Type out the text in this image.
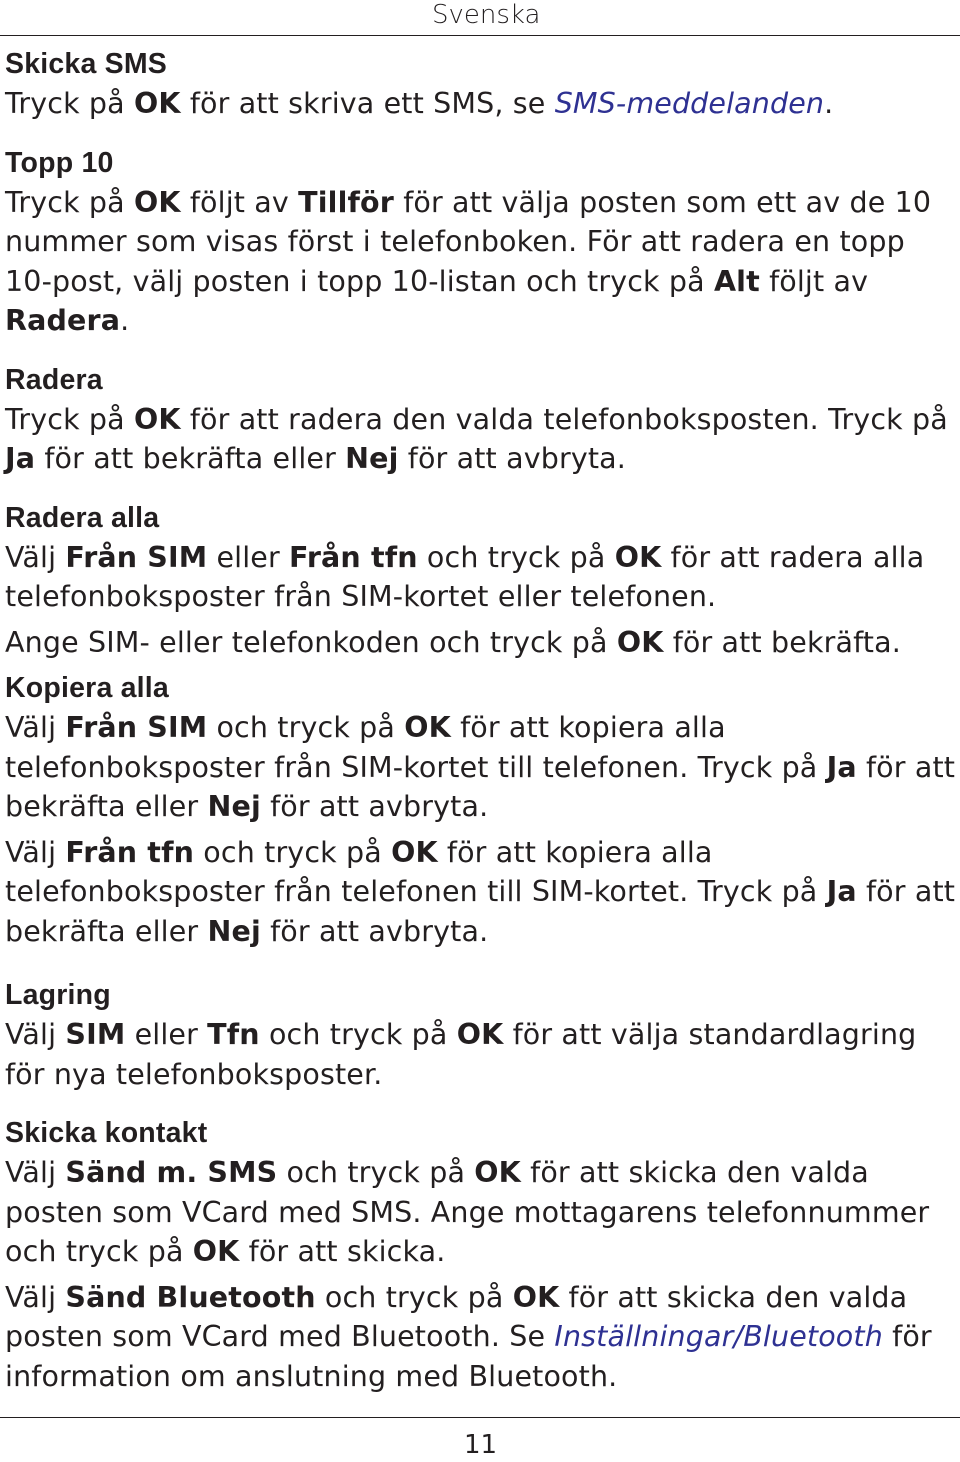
Svenska
Skicka SMS

Tryck på OK för att skriva ett SMS, se SMS-meddelanden.

Topp 10

Tryck på OK följt av Tillför för att välja posten som ett av de 10 nummer som visas först i telefonboken. För att radera en topp 10-post, välj posten i topp 10-listan och tryck på Alt följt av Radera.

Radera

Tryck på OK för att radera den valda telefonboksposten. Tryck på Ja för att bekräfta eller Nej för att avbryta.

Radera alla

Välj Från SIM eller Från tfn och tryck på OK för att radera alla telefonboksposter från SIM-kortet eller telefonen.

Ange SIM- eller telefonkoden och tryck på OK för att bekräfta.

Kopiera alla

Välj Från SIM och tryck på OK för att kopiera alla telefonboksposter från SIM-kortet till telefonen. Tryck på Ja för att bekräfta eller Nej för att avbryta.

Välj Från tfn och tryck på OK för att kopiera alla telefonboksposter från telefonen till SIM-kortet. Tryck på Ja för att bekräfta eller Nej för att avbryta.

Lagring

Välj SIM eller Tfn och tryck på OK för att välja standardlagring för nya telefonboksposter.

Skicka kontakt

Välj Sänd m. SMS och tryck på OK för att skicka den valda posten som VCard med SMS. Ange mottagarens telefonnummer och tryck på OK för att skicka.

Välj Sänd Bluetooth och tryck på OK för att skicka den valda posten som VCard med Bluetooth. Se Inställningar/Bluetooth för information om anslutning med Bluetooth.

11
